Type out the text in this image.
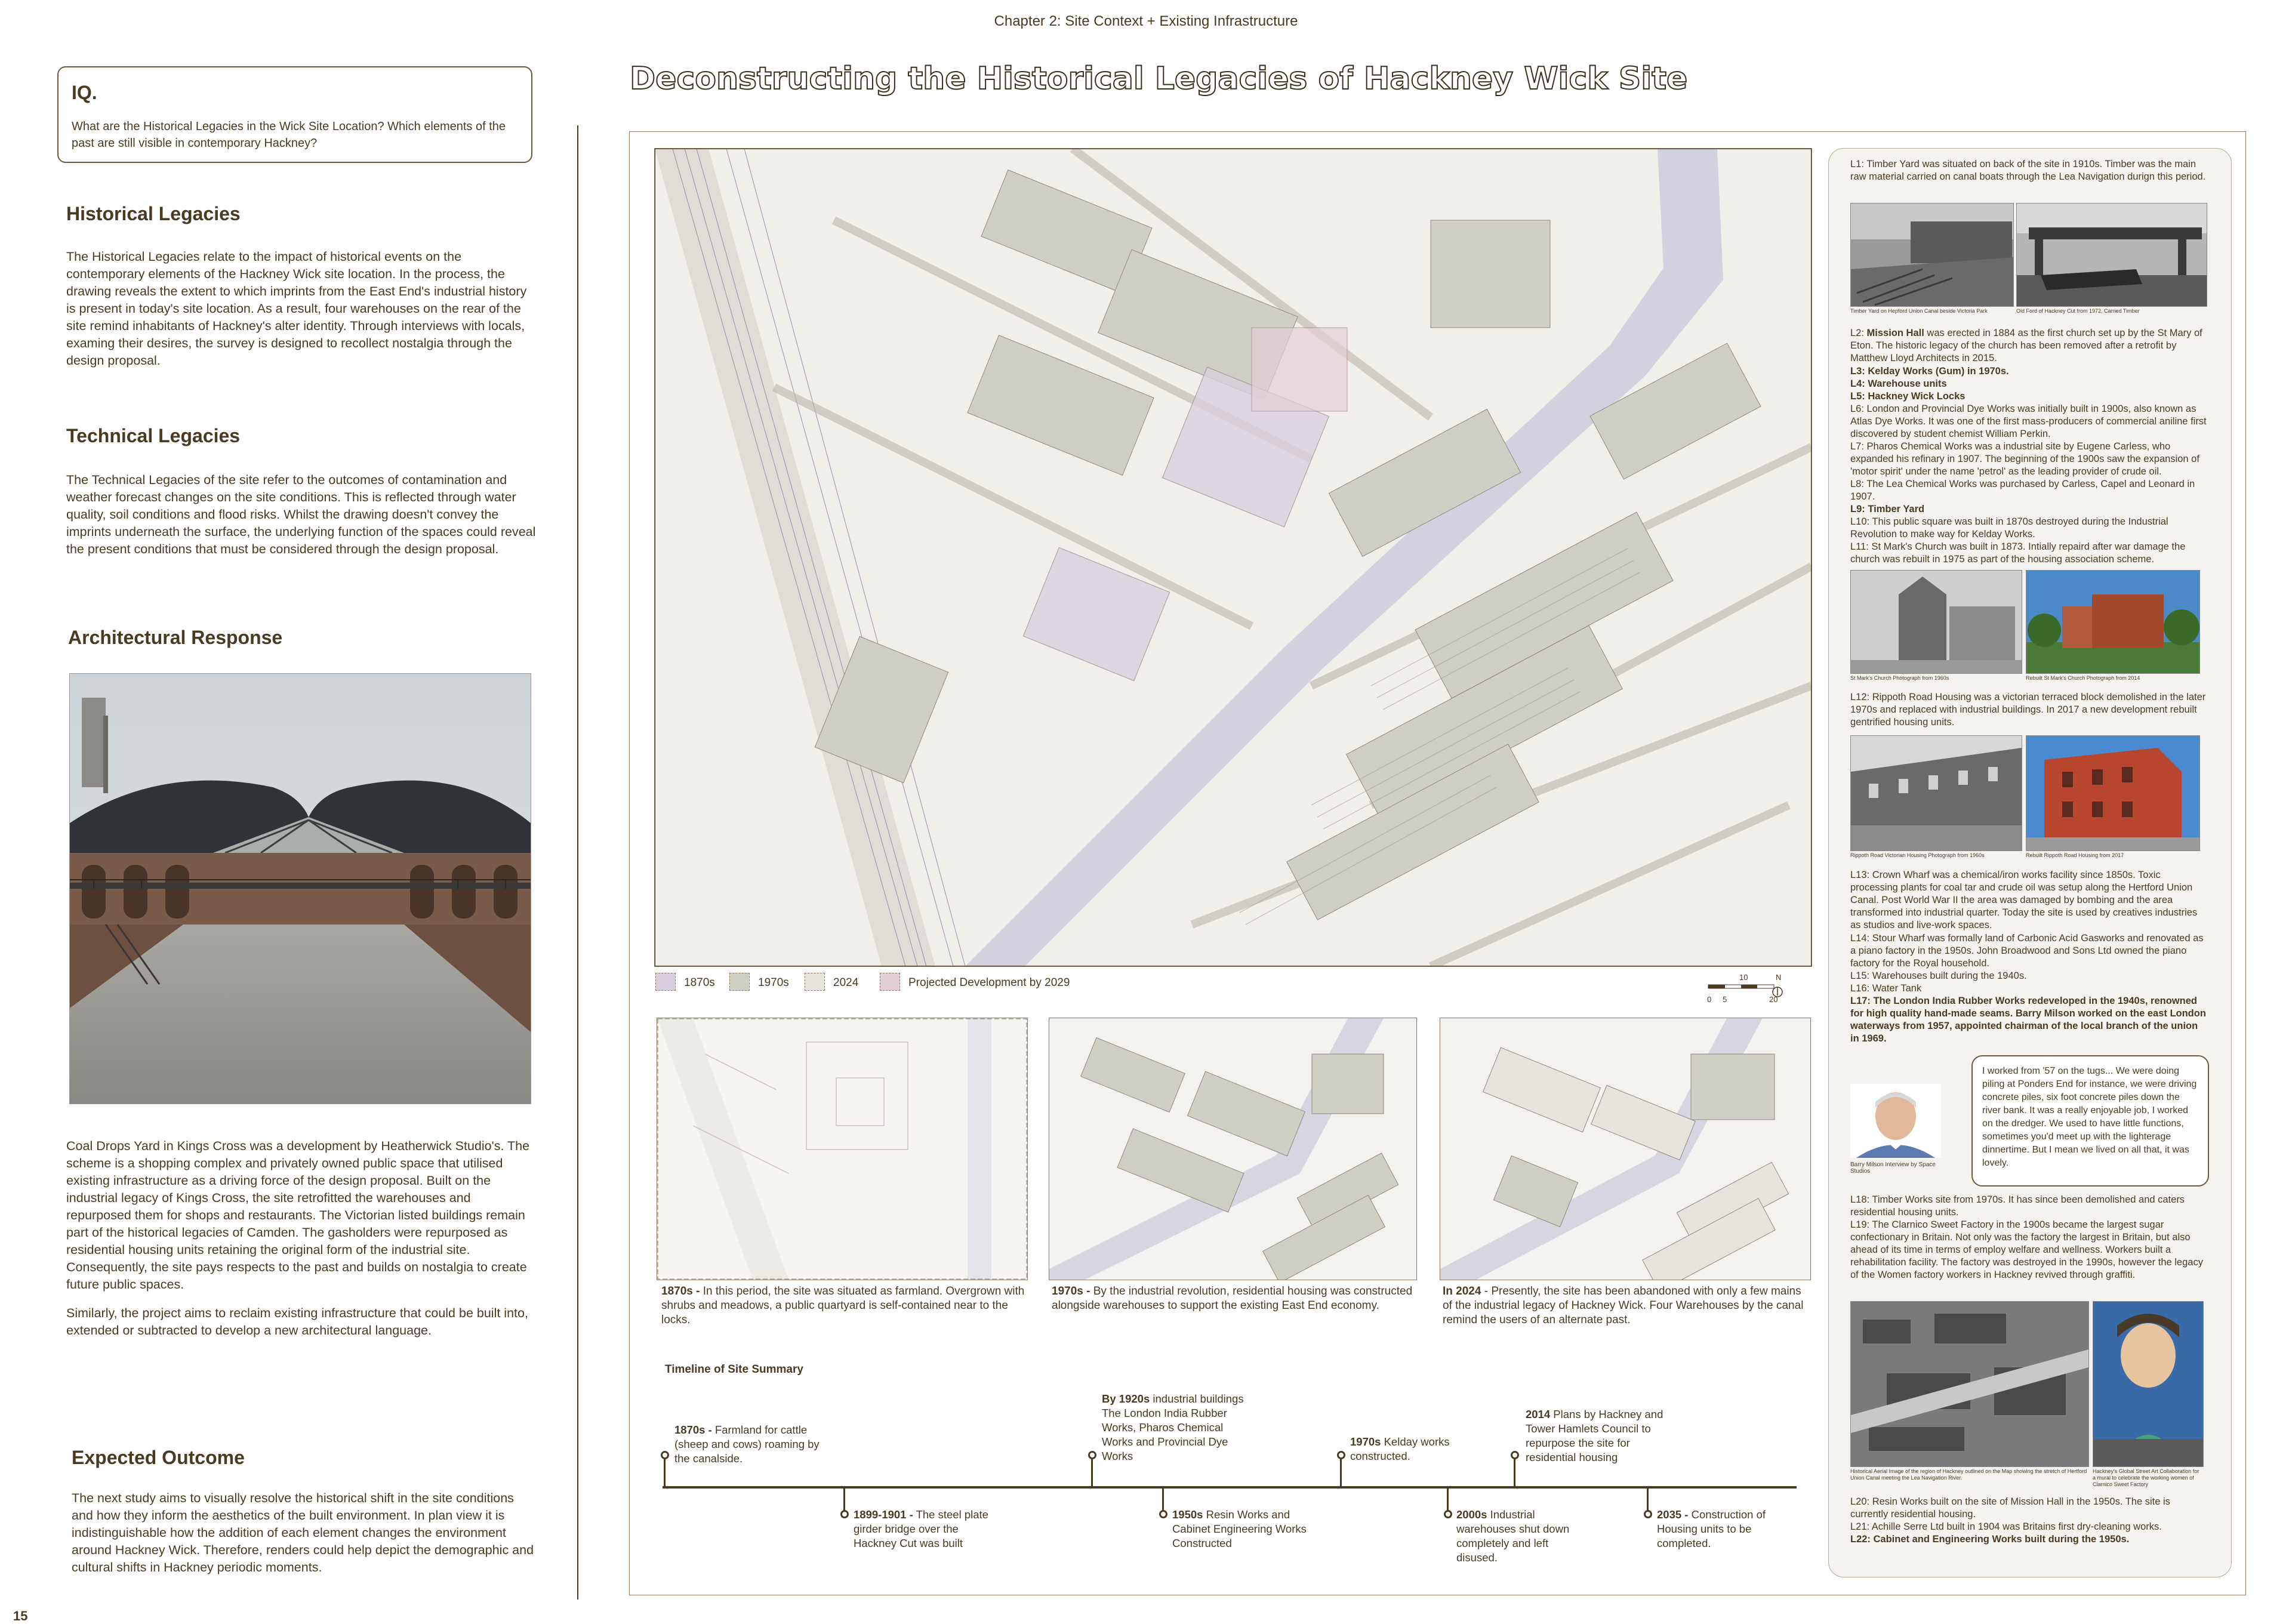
Chapter 2: Site Context + Existing Infrastructure
IQ.
What are the Historical Legacies in the Wick Site Location? Which elements of the past are still visible in contemporary Hackney?
Historical Legacies
The Historical Legacies relate to the impact of historical events on the contemporary elements of the Hackney Wick site location. In the process, the drawing reveals the extent to which imprints from the East End's industrial history is present in today's site location. As a result, four warehouses on the rear of the site remind inhabitants of Hackney's alter identity. Through interviews with locals, examing their desires, the survey is designed to recollect nostalgia through the design proposal.
Technical Legacies
The Technical Legacies of the site refer to the outcomes of contamination and weather forecast changes on the site conditions. This is reflected through water quality, soil conditions and flood risks. Whilst the drawing doesn't convey the imprints underneath the surface, the underlying function of the spaces could reveal the present conditions that must be considered through the design proposal.
Architectural Response
Coal Drops Yard in Kings Cross was a development by Heatherwick Studio's. The scheme is a shopping complex and privately owned public space that utilised existing infrastructure as a driving force of the design proposal. Built on the industrial legacy of Kings Cross, the site retrofitted the warehouses and repurposed them for shops and restaurants. The Victorian listed buildings remain part of the historical legacies of Camden. The gasholders were repurposed as residential housing units retaining the original form of the industrial site. Consequently, the site pays respects to the past and builds on nostalgia to create future public spaces.
Similarly, the project aims to reclaim existing infrastructure that could be built into, extended or subtracted to develop a new architectural language.
Expected Outcome
The next study aims to visually resolve the historical shift in the site conditions and how they inform the aesthetics of the built environment. In plan view it is indistinguishable how the addition of each element changes the environment around Hackney Wick. Therefore, renders could help depict the demographic and cultural shifts in Hackney periodic moments.
15
Deconstructing the Historical Legacies of Hackney Wick Site
1870s	1970s	2024	Projected Development by 2029
0 5
10
20
N
1870s - In this period, the site was situated as farmland. Overgrown with shrubs and meadows, a public quartyard is self-contained near to the locks.
1970s - By the industrial revolution, residential housing was constructed alongside warehouses to support the existing East End economy.
In 2024 - Presently, the site has been abandoned with only a few mains of the industrial legacy of Hackney Wick. Four Warehouses by the canal remind the users of an alternate past.
Timeline of Site Summary
1870s - Farmland for cattle (sheep and cows) roaming by the canalside.
By 1920s industrial buildings The London India Rubber Works, Pharos Chemical Works and Provincial Dye Works
1970s Kelday works constructed.
2014 Plans by Hackney and Tower Hamlets Council to repurpose the site for residential housing
1899-1901 - The steel plate girder bridge over the Hackney Cut was built
1950s Resin Works and Cabinet Engineering Works Constructed
2000s Industrial warehouses shut down completely and left disused.
2035 - Construction of Housing units to be completed.
L1: Timber Yard was situated on back of the site in 1910s. Timber was the main raw material carried on canal boats through the Lea Navigation durign this period.
Timber Yard on Hepford Union Canal beside Victoria Park	Old Ford of Hackney Cut from 1972, Carried Timber
L2: Mission Hall was erected in 1884 as the first church set up by the St Mary of Eton. The historic legacy of the church has been removed after a retrofit by Matthew Lloyd Architects in 2015.
L3: Kelday Works (Gum) in 1970s.
L4: Warehouse units
L5: Hackney Wick Locks
L6: London and Provincial Dye Works was initially built in 1900s, also known as Atlas Dye Works. It was one of the first mass-producers of commercial aniline first discovered by student chemist William Perkin.
L7: Pharos Chemical Works was a industrial site by Eugene Carless, who expanded his refinary in 1907. The beginning of the 1900s saw the expansion of 'motor spirit' under the name 'petrol' as the leading provider of crude oil.
L8: The Lea Chemical Works was purchased by Carless, Capel and Leonard in 1907.
L9: Timber Yard
L10: This public square was built in 1870s destroyed during the Industrial Revolution to make way for Kelday Works.
L11: St Mark's Church was built in 1873. Intially repaird after war damage the church was rebuilt in 1975 as part of the housing association scheme.
St Mark's Church Photograph from 1960s	Rebuilt St Mark's Church Photograph from 2014
L12: Rippoth Road Housing was a victorian terraced block demolished in the later 1970s and replaced with industrial buildings. In 2017 a new development rebuilt gentrified housing units.
Rippoth Road Victorian Housing Photograph from 1960s	Rebuilt Rippoth Road Housing from 2017
L13: Crown Wharf was a chemical/iron works facility since 1850s. Toxic processing plants for coal tar and crude oil was setup along the Hertford Union Canal. Post World War II the area was damaged by bombing and the area transformed into industrial quarter. Today the site is used by creatives industries as studios and live-work spaces.
L14: Stour Wharf was formally land of Carbonic Acid Gasworks and renovated as a piano factory in the 1950s. John Broadwood and Sons Ltd owned the piano factory for the Royal household.
L15: Warehouses built during the 1940s.
L16: Water Tank
L17: The London India Rubber Works redeveloped in the 1940s, renowned for high quality hand-made seams. Barry Milson worked on the east London waterways from 1957, appointed chairman of the local branch of the union in 1969.
Barry Milson Interview by Space Studios
I worked from '57 on the tugs... We were doing piling at Ponders End for instance, we were driving concrete piles, six foot concrete piles down the river bank. It was a really enjoyable job, I worked on the dredger. We used to have little functions, sometimes you'd meet up with the lighterage dinnertime. But I mean we lived on all that, it was lovely.
L18: Timber Works site from 1970s. It has since been demolished and caters residential housing units.
L19: The Clarnico Sweet Factory in the 1900s became the largest sugar confectionary in Britain. Not only was the factory the largest in Britain, but also ahead of its time in terms of employ welfare and wellness. Workers built a rehabilitation facility. The factory was destroyed in the 1990s, however the legacy of the Women factory workers in Hackney revived through graffiti.
Historical Aerial Image of the region of Hackney outlined on the Map showing the stretch of Hertford Union Canal meeting the Lea Navigation River.
Hackney's Global Street Art Collaboration for a mural to celebrate the working women of Clarnico Sweet Factory
L20: Resin Works built on the site of Mission Hall in the 1950s. The site is currently residential housing.
L21: Achille Serre Ltd built in 1904 was Britains first dry-cleaning works.
L22: Cabinet and Engineering Works built during the 1950s.
